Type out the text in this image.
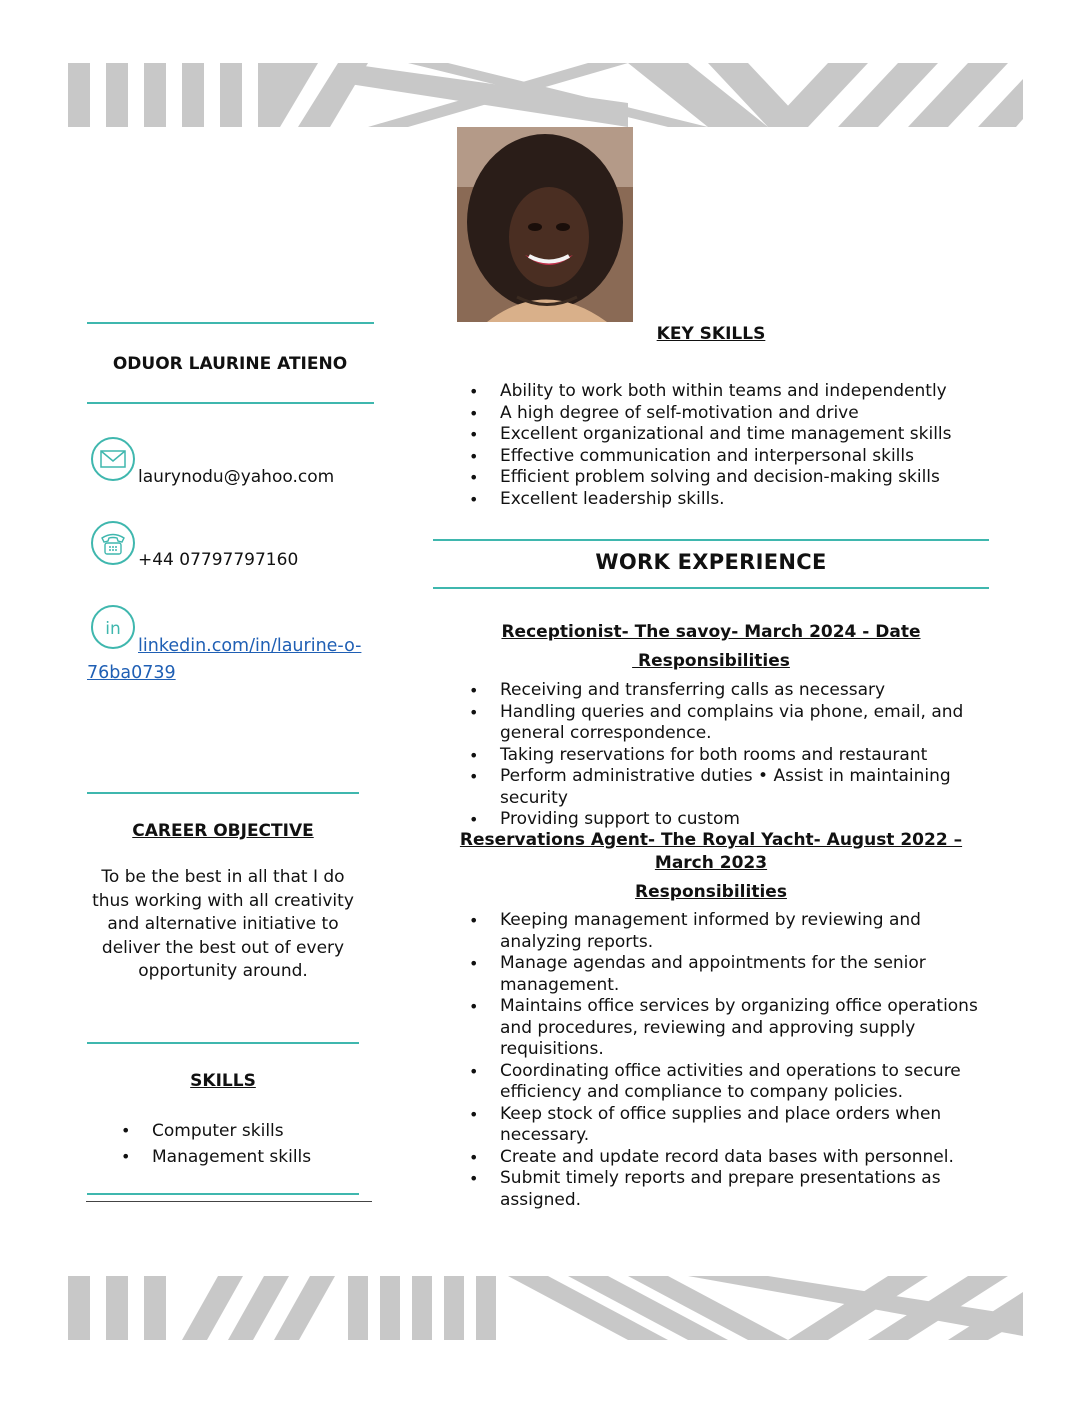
ODUOR LAURINE ATIENO
laurynodu@yahoo.com
+44 07797797160
in
linkedin.com/in/laurine-o-76ba0739
CAREER OBJECTIVE
To be the best in all that I do thus working with all creativity and alternative initiative to deliver the best out of every opportunity around.
SKILLS
• Computer skills
• Management skills
KEY SKILLS
• Ability to work both within teams and independently
• A high degree of self-motivation and drive
• Excellent organizational and time management skills
• Effective communication and interpersonal skills
• Efficient problem solving and decision-making skills
• Excellent leadership skills.
WORK EXPERIENCE
Receptionist- The savoy- March 2024 - Date
Responsibilities
• Receiving and transferring calls as necessary
• Handling queries and complains via phone, email, and general correspondence.
• Taking reservations for both rooms and restaurant
• Perform administrative duties • Assist in maintaining security
• Providing support to custom
Reservations Agent- The Royal Yacht- August 2022 – March 2023
Responsibilities
• Keeping management informed by reviewing and analyzing reports.
• Manage agendas and appointments for the senior management.
• Maintains office services by organizing office operations and procedures, reviewing and approving supply requisitions.
• Coordinating office activities and operations to secure efficiency and compliance to company policies.
• Keep stock of office supplies and place orders when necessary.
• Create and update record data bases with personnel.
• Submit timely reports and prepare presentations as assigned.
